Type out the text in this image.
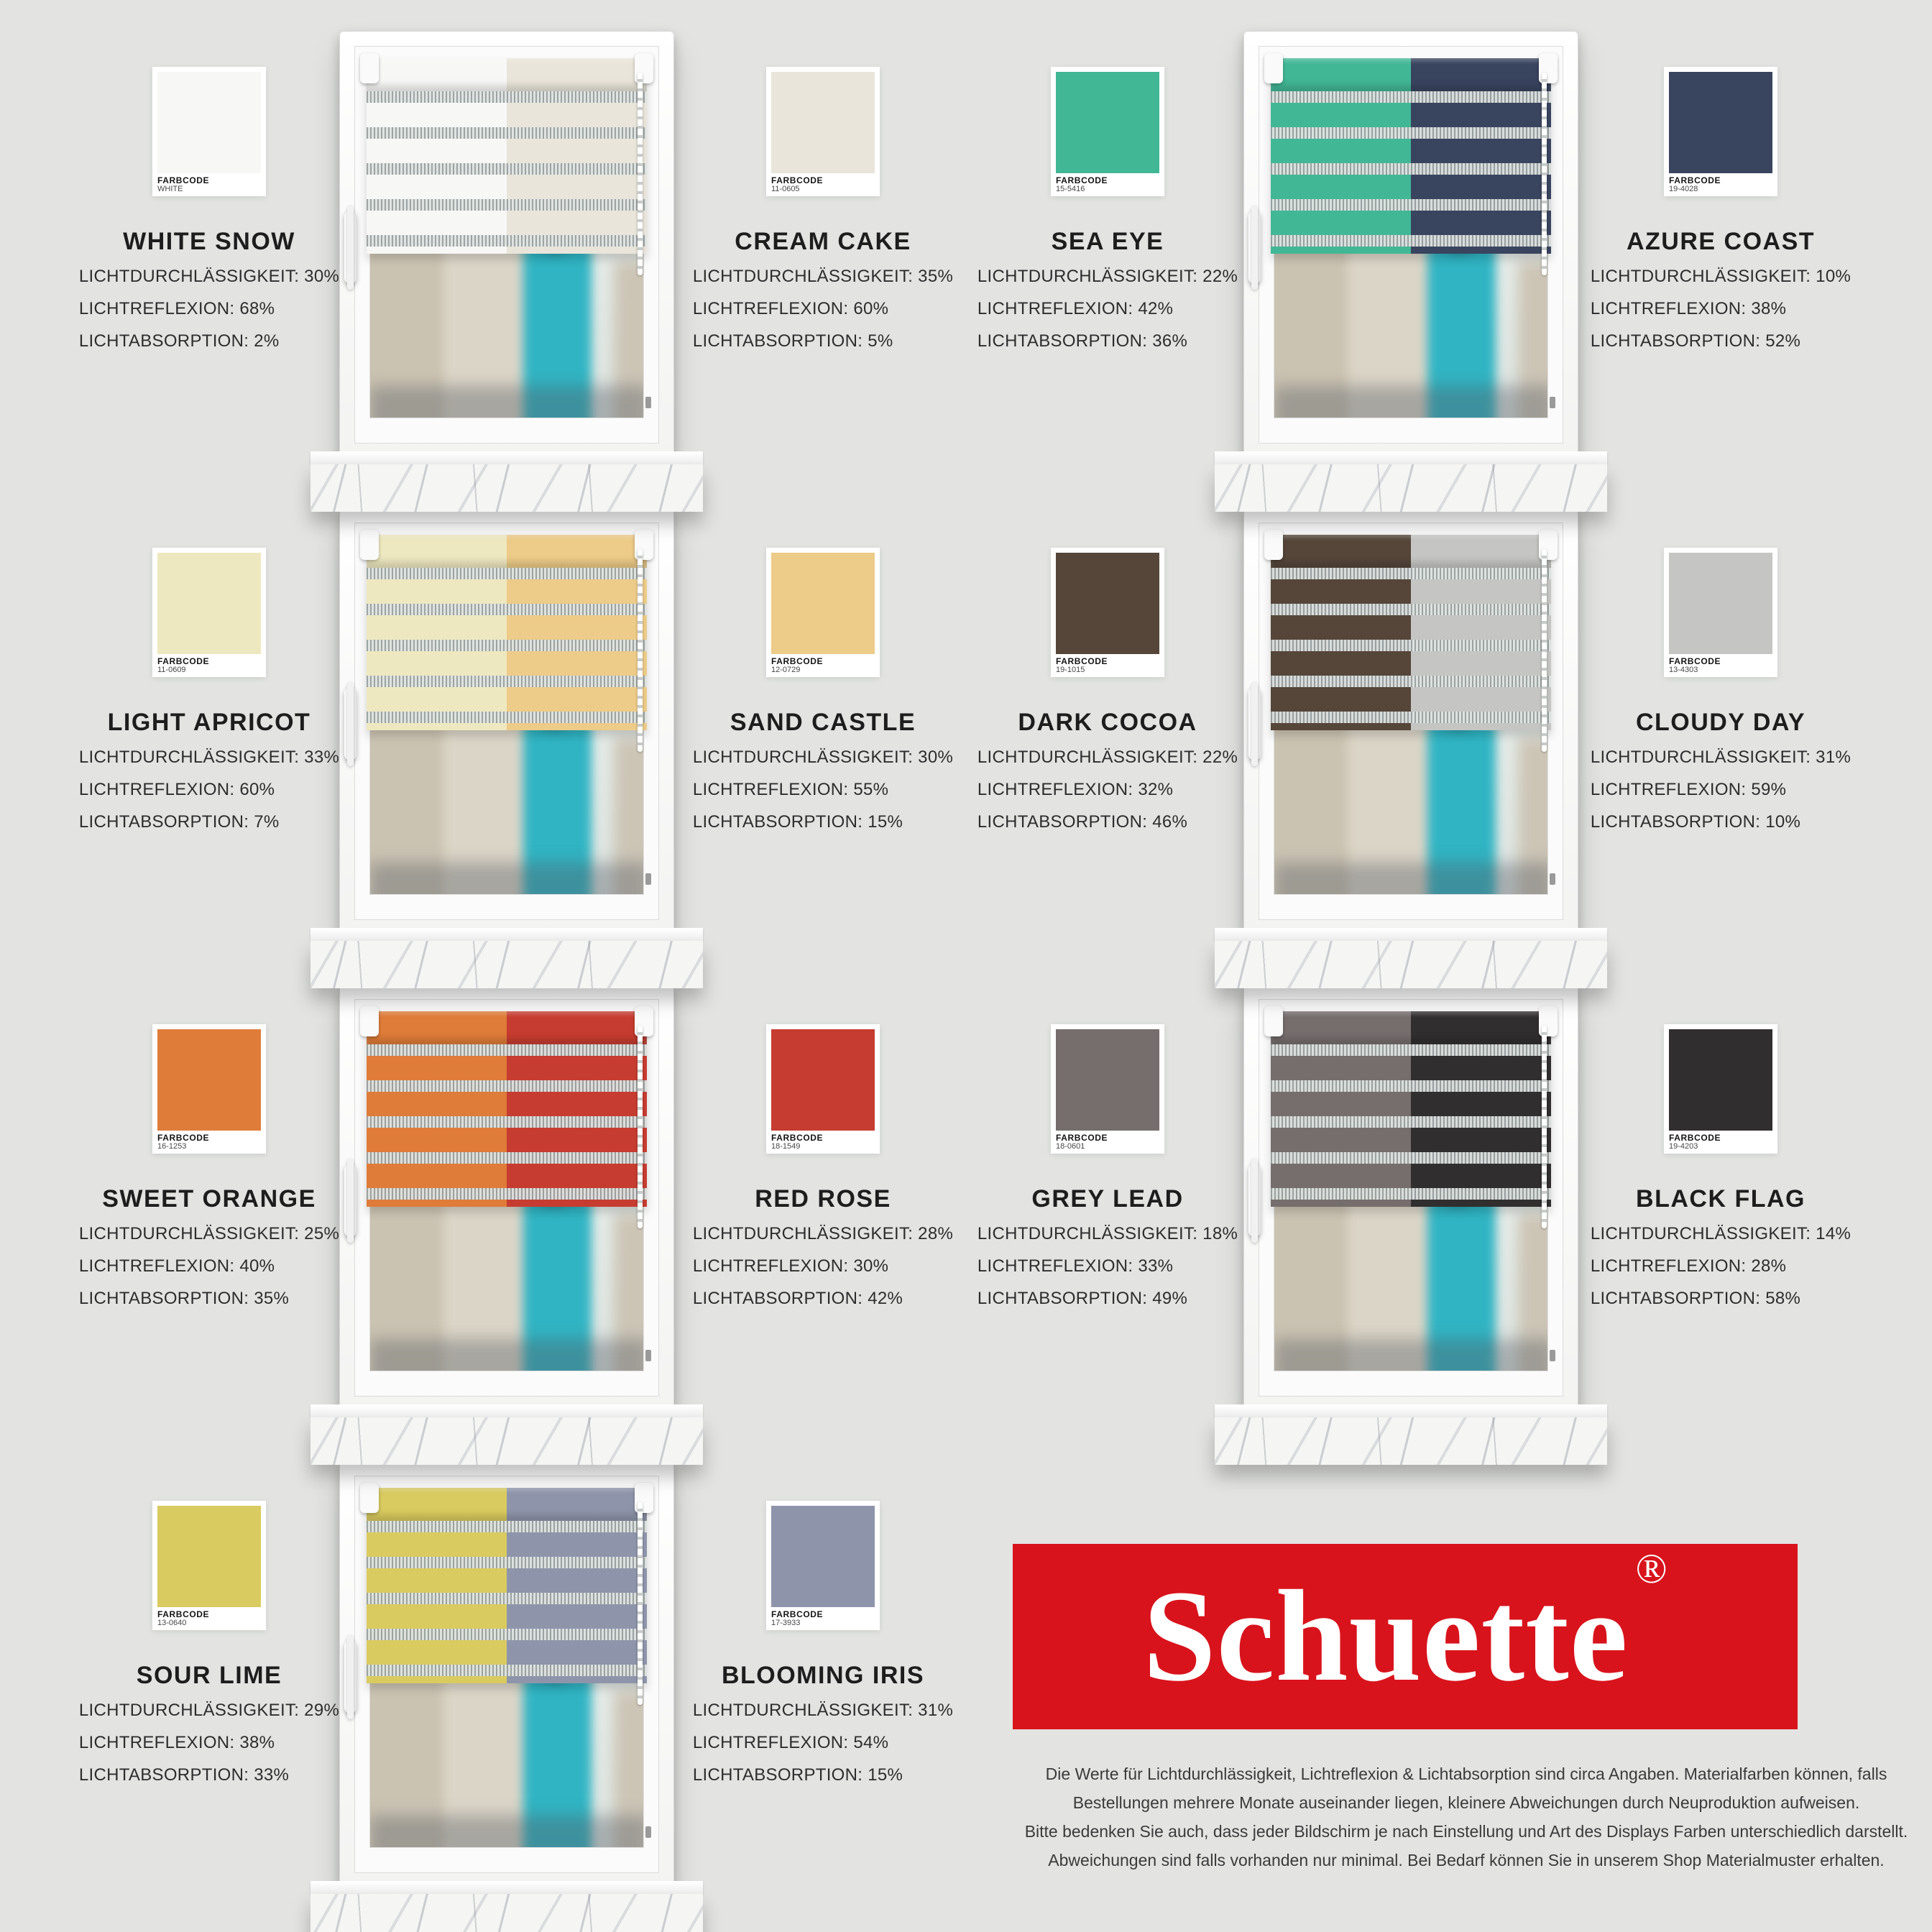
FARBCODE
WHITE
WHITE SNOW
LICHTDURCHLÄSSIGKEIT: 30%
LICHTREFLEXION: 68%
LICHTABSORPTION: 2%
FARBCODE
11-0605
CREAM CAKE
LICHTDURCHLÄSSIGKEIT: 35%
LICHTREFLEXION: 60%
LICHTABSORPTION: 5%
FARBCODE
15-5416
SEA EYE
LICHTDURCHLÄSSIGKEIT: 22%
LICHTREFLEXION: 42%
LICHTABSORPTION: 36%
FARBCODE
19-4028
AZURE COAST
LICHTDURCHLÄSSIGKEIT: 10%
LICHTREFLEXION: 38%
LICHTABSORPTION: 52%
FARBCODE
11-0609
LIGHT APRICOT
LICHTDURCHLÄSSIGKEIT: 33%
LICHTREFLEXION: 60%
LICHTABSORPTION: 7%
FARBCODE
12-0729
SAND CASTLE
LICHTDURCHLÄSSIGKEIT: 30%
LICHTREFLEXION: 55%
LICHTABSORPTION: 15%
FARBCODE
19-1015
DARK COCOA
LICHTDURCHLÄSSIGKEIT: 22%
LICHTREFLEXION: 32%
LICHTABSORPTION: 46%
FARBCODE
13-4303
CLOUDY DAY
LICHTDURCHLÄSSIGKEIT: 31%
LICHTREFLEXION: 59%
LICHTABSORPTION: 10%
FARBCODE
16-1253
SWEET ORANGE
LICHTDURCHLÄSSIGKEIT: 25%
LICHTREFLEXION: 40%
LICHTABSORPTION: 35%
FARBCODE
18-1549
RED ROSE
LICHTDURCHLÄSSIGKEIT: 28%
LICHTREFLEXION: 30%
LICHTABSORPTION: 42%
FARBCODE
18-0601
GREY LEAD
LICHTDURCHLÄSSIGKEIT: 18%
LICHTREFLEXION: 33%
LICHTABSORPTION: 49%
FARBCODE
19-4203
BLACK FLAG
LICHTDURCHLÄSSIGKEIT: 14%
LICHTREFLEXION: 28%
LICHTABSORPTION: 58%
FARBCODE
13-0640
SOUR LIME
LICHTDURCHLÄSSIGKEIT: 29%
LICHTREFLEXION: 38%
LICHTABSORPTION: 33%
FARBCODE
17-3933
BLOOMING IRIS
LICHTDURCHLÄSSIGKEIT: 31%
LICHTREFLEXION: 54%
LICHTABSORPTION: 15%
Schuette ®
Die Werte für Lichtdurchlässigkeit, Lichtreflexion & Lichtabsorption sind circa Angaben. Materialfarben können, falls
Bestellungen mehrere Monate auseinander liegen, kleinere Abweichungen durch Neuproduktion aufweisen.
Bitte bedenken Sie auch, dass jeder Bildschirm je nach Einstellung und Art des Displays Farben unterschiedlich darstellt.
Abweichungen sind falls vorhanden nur minimal. Bei Bedarf können Sie in unserem Shop Materialmuster erhalten.
